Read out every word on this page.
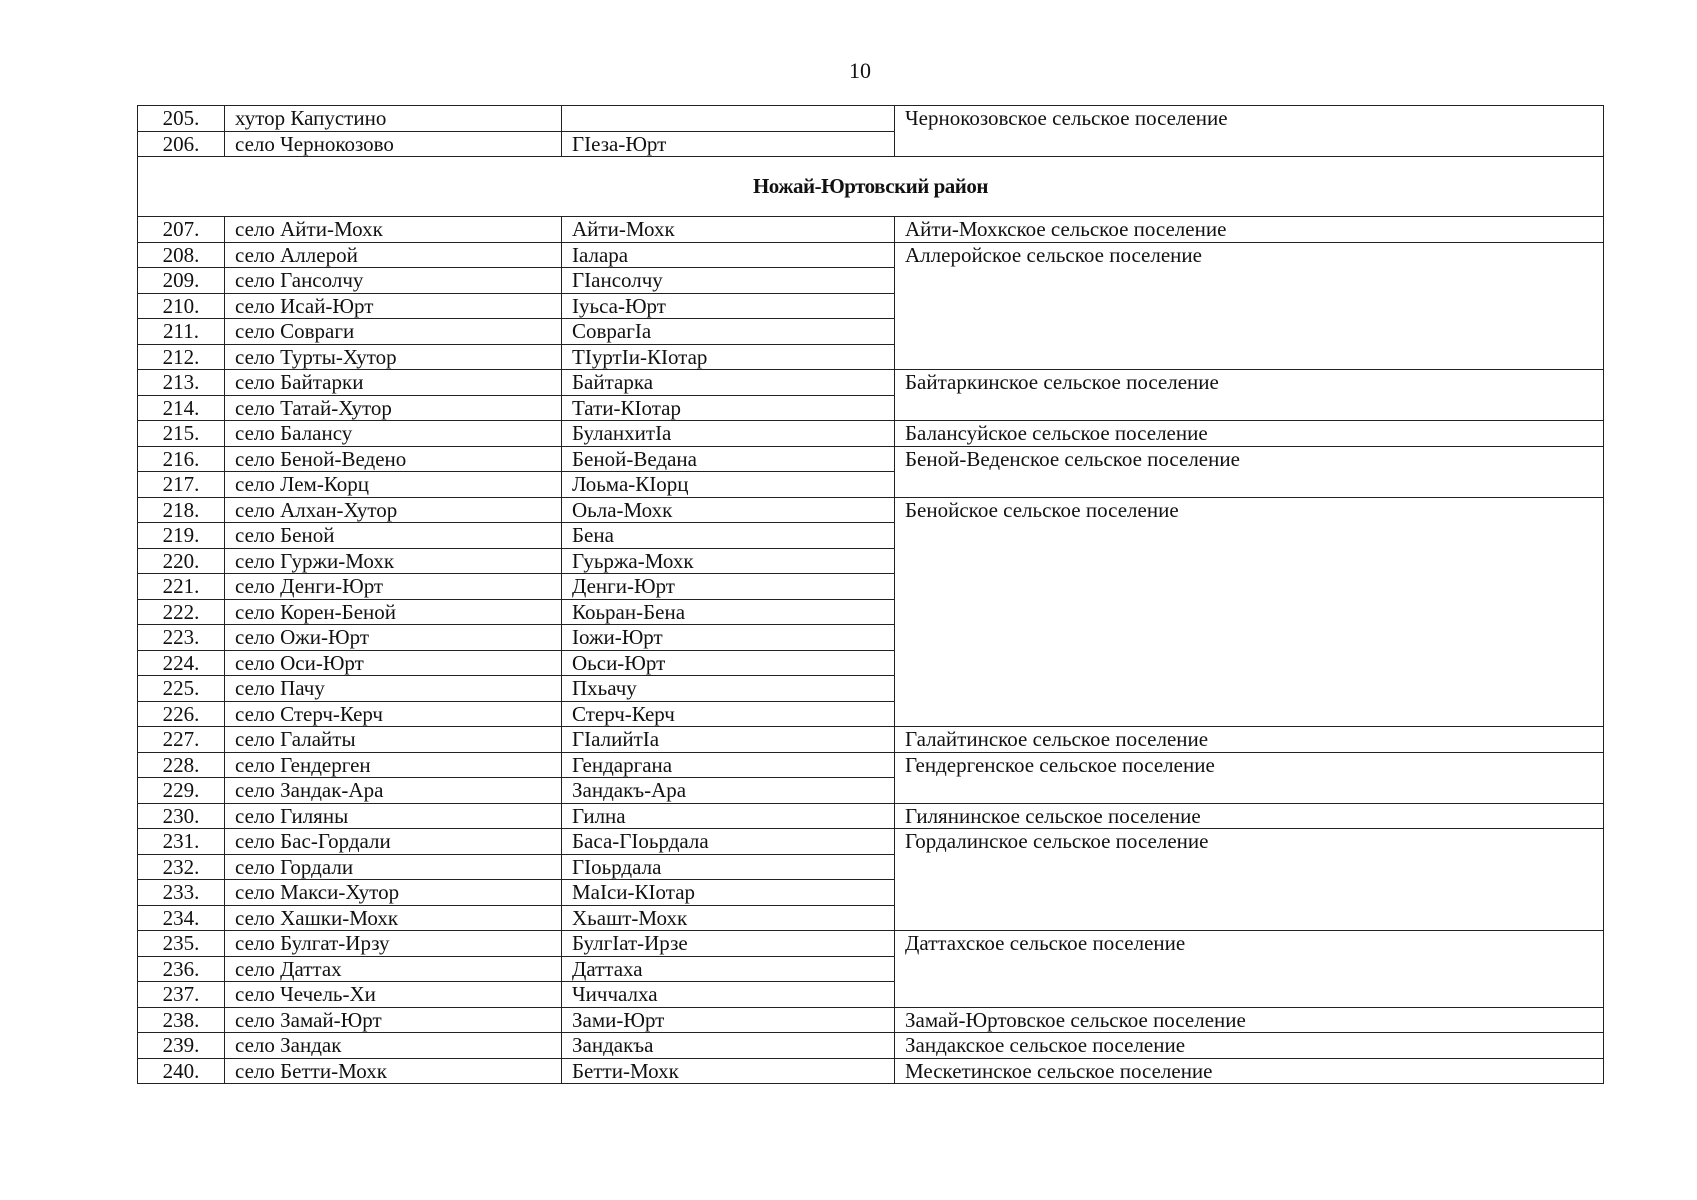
10
205.	хутор Капустино		Чернокозовское сельское поселение
206.	село Чернокозово	ГІеза-Юрт	
Ножай-Юртовский район			
207.	село Айти-Мохк	Айти-Мохк	Айти-Мохкское сельское поселение
208.	село Аллерой	Іалара	Аллеройское сельское поселение
209.	село Гансолчу	ГІансолчу	
210.	село Исай-Юрт	Іуьса-Юрт	
211.	село Совраги	СоврагІа	
212.	село Турты-Хутор	ТІуртІи-КІотар	
213.	село Байтарки	Байтарка	Байтаркинское сельское поселение
214.	село Татай-Хутор	Тати-КІотар	
215.	село Балансу	БуланхитІа	Балансуйское сельское поселение
216.	село Беной-Ведено	Беной-Ведана	Беной-Веденское сельское поселение
217.	село Лем-Корц	Лоьма-КІорц	
218.	село Алхан-Хутор	Оьла-Мохк	Бенойское сельское поселение
219.	село Беной	Бена	
220.	село Гуржи-Мохк	Гуьржа-Мохк	
221.	село Денги-Юрт	Денги-Юрт	
222.	село Корен-Беной	Коьран-Бена	
223.	село Ожи-Юрт	Іожи-Юрт	
224.	село Оси-Юрт	Оьси-Юрт	
225.	село Пачу	Пхьачу	
226.	село Стерч-Керч	Стерч-Керч	
227.	село Галайты	ГІалийтІа	Галайтинское сельское поселение
228.	село Гендерген	Гендаргана	Гендергенское сельское поселение
229.	село Зандак-Ара	Зандакъ-Ара	
230.	село Гиляны	Гилна	Гилянинское сельское поселение
231.	село Бас-Гордали	Баса-ГІоьрдала	Гордалинское сельское поселение
232.	село Гордали	ГІоьрдала	
233.	село Макси-Хутор	МаІси-КІотар	
234.	село Хашки-Мохк	Хьашт-Мохк	
235.	село Булгат-Ирзу	БулгІат-Ирзе	Даттахское сельское поселение
236.	село Даттах	Даттаха	
237.	село Чечель-Хи	Чиччалха	
238.	село Замай-Юрт	Зами-Юрт	Замай-Юртовское сельское поселение
239.	село Зандак	Зандакъа	Зандакское сельское поселение
240.	село Бетти-Мохк	Бетти-Мохк	Мескетинское сельское поселение
